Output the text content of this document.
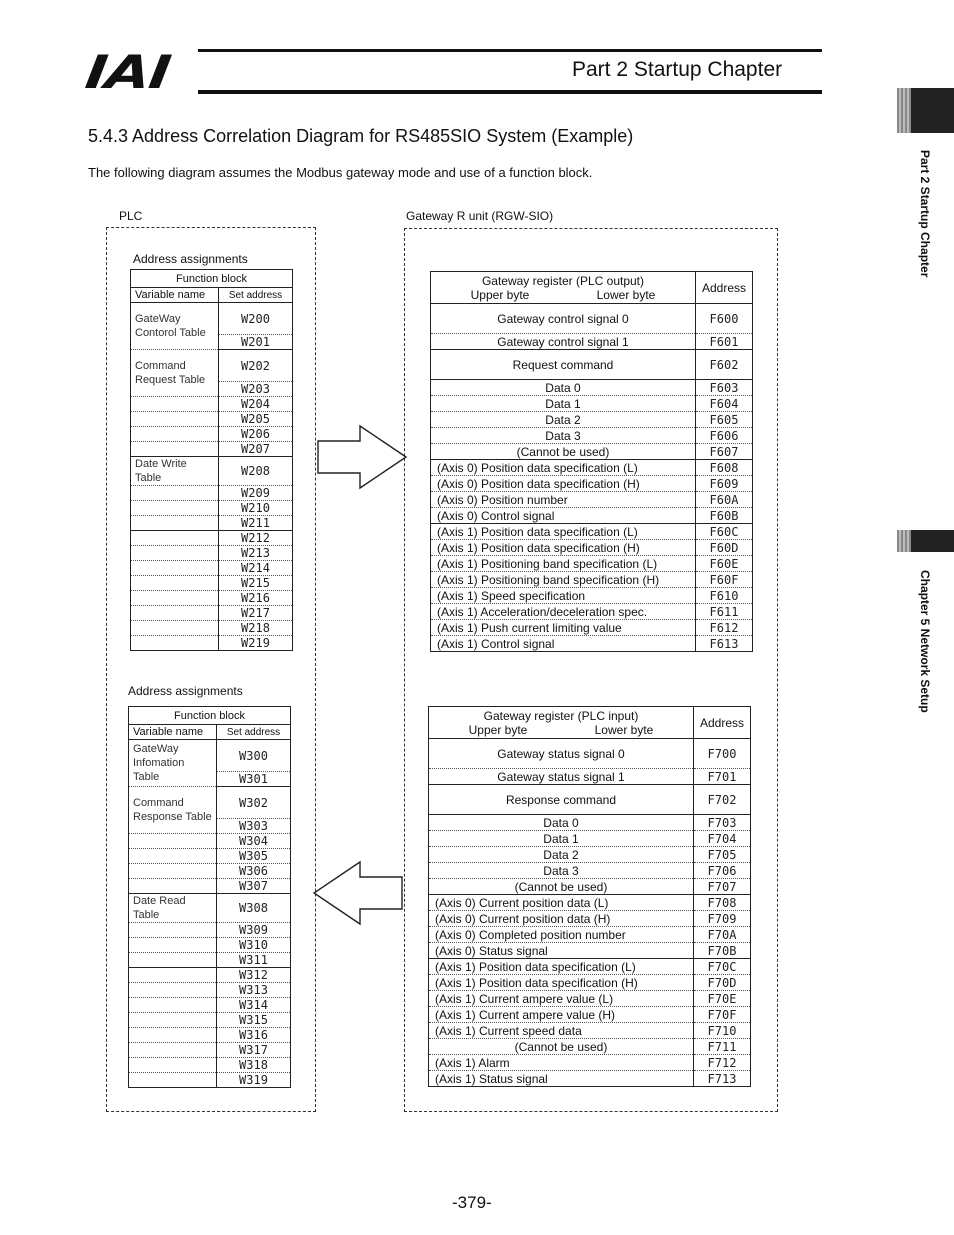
IAI	Part 2 Startup Chapter
Part 2 Startup Chapter
Chapter 5 Network Setup
5.4.3 Address Correlation Diagram for RS485SIO System (Example)
The following diagram assumes the Modbus gateway mode and use of a function block.
PLC	Gateway R unit (RGW-SIO)
Address assignments
Address assignments
Function block	
Variable name	Set address
GateWay Contorol Table	W200
	W201
Command Request Table	W202
	W203
	W204
	W205
	W206
	W207
Date Write Table	W208
	W209
	W210
	W211
	W212
	W213
	W214
	W215
	W216
	W217
	W218
	W219
Function block	
Variable name	Set address
GateWay Infomation Table	W300
	W301
Command Response Table	W302
	W303
	W304
	W305
	W306
	W307
Date Read Table	W308
	W309
	W310
	W311
	W312
	W313
	W314
	W315
	W316
	W317
	W318
	W319
Gateway register (PLC output)
Upper byte Lower byte	Address
Gateway control signal 0	F600
Gateway control signal 1	F601
Request command	F602
Data 0	F603
Data 1	F604
Data 2	F605
Data 3	F606
(Cannot be used)	F607
(Axis 0) Position data specification (L)	F608
(Axis 0) Position data specification (H)	F609
(Axis 0) Position number	F60A
(Axis 0) Control signal	F60B
(Axis 1) Position data specification (L)	F60C
(Axis 1) Position data specification (H)	F60D
(Axis 1) Positioning band specification (L)	F60E
(Axis 1) Positioning band specification (H)	F60F
(Axis 1) Speed specification	F610
(Axis 1) Acceleration/deceleration spec.	F611
(Axis 1) Push current limiting value	F612
(Axis 1) Control signal	F613
Gateway register (PLC input)
Upper byte Lower byte	Address
Gateway status signal 0	F700
Gateway status signal 1	F701
Response command	F702
Data 0	F703
Data 1	F704
Data 2	F705
Data 3	F706
(Cannot be used)	F707
(Axis 0) Current position data (L)	F708
(Axis 0) Current position data (H)	F709
(Axis 0) Completed position number	F70A
(Axis 0) Status signal	F70B
(Axis 1) Position data specification (L)	F70C
(Axis 1) Position data specification (H)	F70D
(Axis 1) Current ampere value (L)	F70E
(Axis 1) Current ampere value (H)	F70F
(Axis 1) Current speed data	F710
(Cannot be used)	F711
(Axis 1) Alarm	F712
(Axis 1) Status signal	F713
-379-
